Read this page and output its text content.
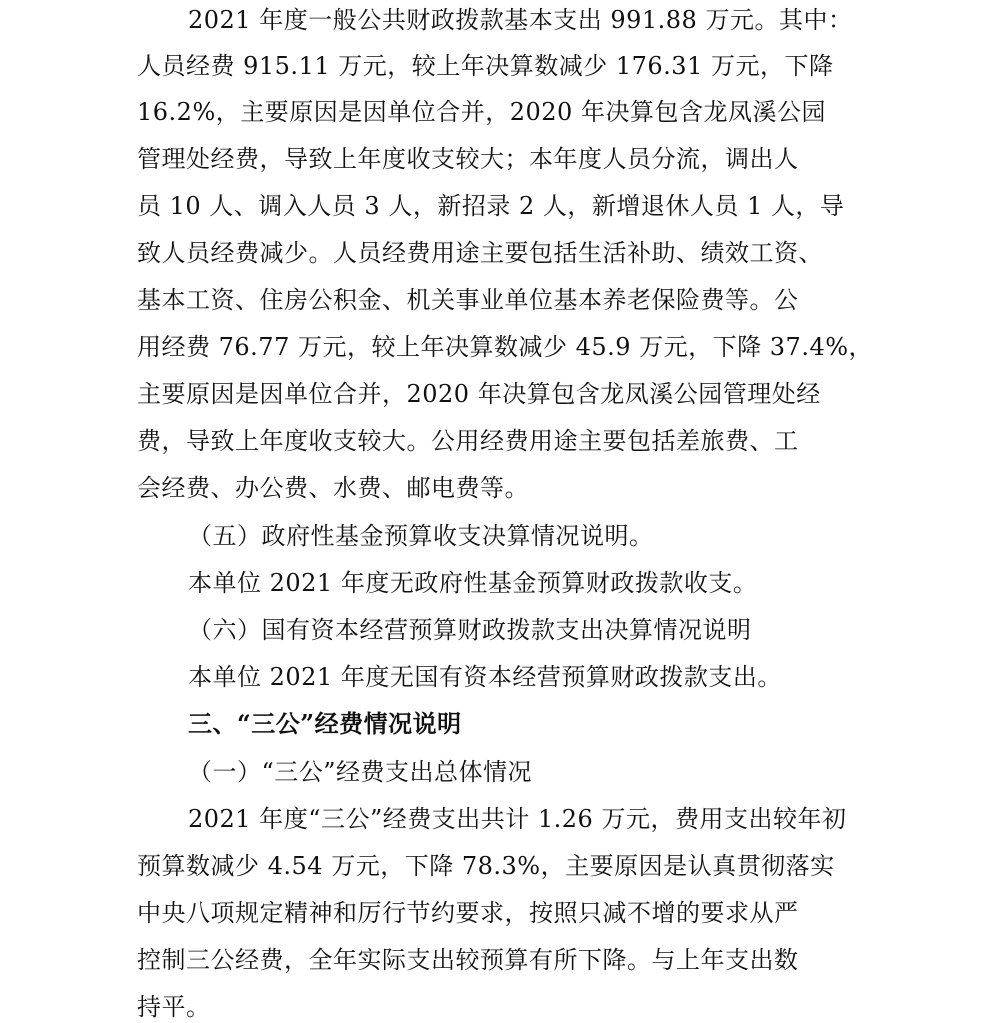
2021 年度一般公共财政拨款基本支出 991.88 万元。其中：
人员经费 915.11 万元，较上年决算数减少 176.31 万元，下降
16.2%，主要原因是因单位合并，2020 年决算包含龙凤溪公园
管理处经费，导致上年度收支较大；本年度人员分流，调出人
员 10 人、调入人员 3 人，新招录 2 人，新增退休人员 1 人，导
致人员经费减少。人员经费用途主要包括生活补助、绩效工资、
基本工资、住房公积金、机关事业单位基本养老保险费等。公
用经费 76.77 万元，较上年决算数减少 45.9 万元，下降 37.4%，
主要原因是因单位合并，2020 年决算包含龙凤溪公园管理处经
费，导致上年度收支较大。公用经费用途主要包括差旅费、工
会经费、办公费、水费、邮电费等。
（五）政府性基金预算收支决算情况说明。
本单位 2021 年度无政府性基金预算财政拨款收支。
（六）国有资本经营预算财政拨款支出决算情况说明
本单位 2021 年度无国有资本经营预算财政拨款支出。
三、“三公”经费情况说明
（一）“三公”经费支出总体情况
2021 年度“三公”经费支出共计 1.26 万元，费用支出较年初
预算数减少 4.54 万元，下降 78.3%，主要原因是认真贯彻落实
中央八项规定精神和厉行节约要求，按照只减不增的要求从严
控制三公经费，全年实际支出较预算有所下降。与上年支出数
持平。
